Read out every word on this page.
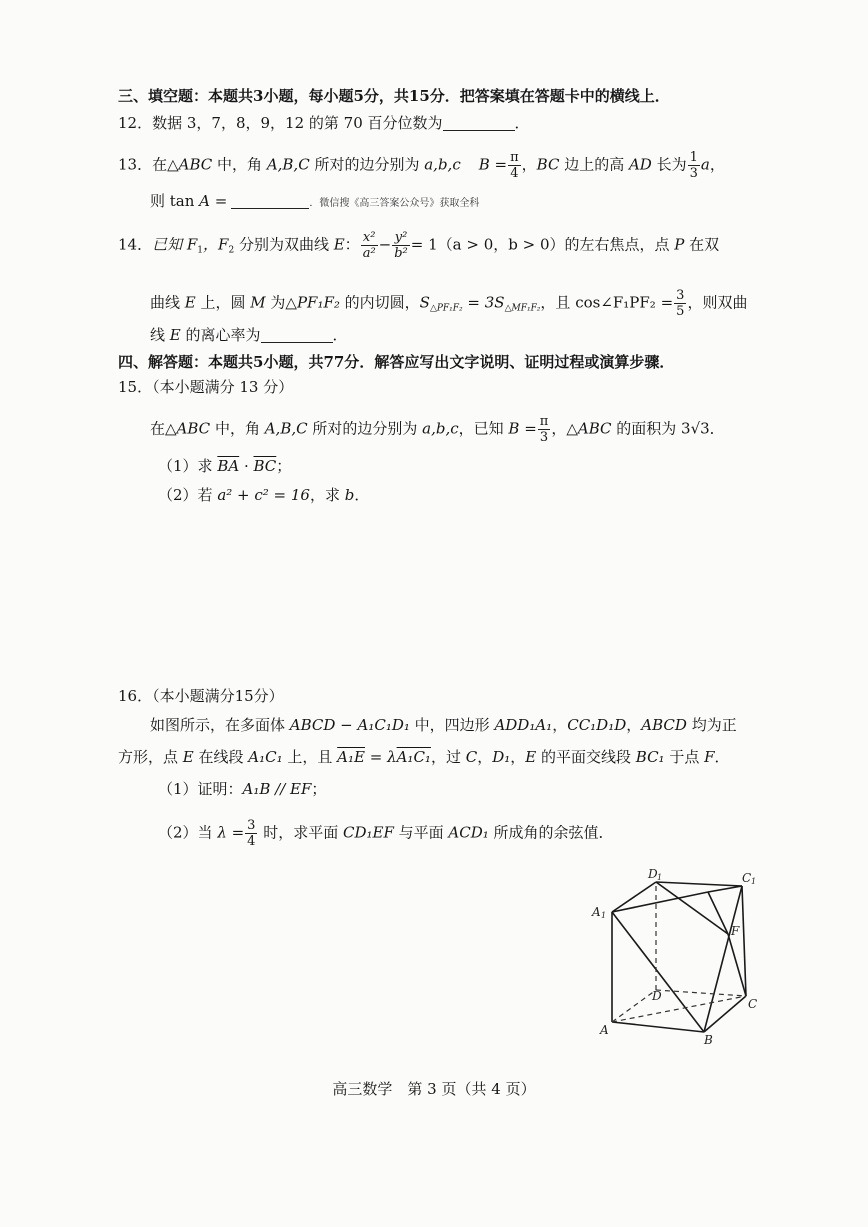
三、填空题：本题共3小题，每小题5分，共15分．把答案填在答题卡中的横线上．
12．数据 3，7，8，9，12 的第 70 百分位数为	．
13．在△ABC 中，角 A,B,C 所对的边分别为 a,b,c $B = \frac{\pi}{4}$ ，BC 边上的高 AD 长为 $\frac{1}{3}$ a，
则 tan A =	．微信搜《高三答案公众号》获取全科
14．已知 $F_1$，$F_2$ 分别为双曲线 E： $\frac{\text{x²}}{\text{a²}} - \frac{\text{y²}}{\text{b²}} = 1(a > 0$，b > 0）的左右焦点，点 P 在双
曲线 E 上，圆 M 为△PF₁F₂ 的内切圆，$S_{\triangle PF_1F_2} = 3S_{\triangle MF_1F_2}$，且 cos∠F₁PF₂ = $\frac{3}{5}$ ，则双曲
线 E 的离心率为	．
四、解答题：本题共5小题，共77分．解答应写出文字说明、证明过程或演算步骤．
15．（本小题满分 13 分）
在△ABC 中，角 A,B,C 所对的边分别为 a,b,c，已知 $B = \frac{\pi}{3}$ ，△ABC 的面积为 3√3．
（1）求 $\overline{BA} \cdot \overline{BC}$；
（2）若 a² + c² = 16，求 b．
16．（本小题满分15分）
如图所示，在多面体 ABCD − A₁C₁D₁ 中，四边形 ADD₁A₁，CC₁D₁D，ABCD 均为正
方形，点 E 在线段 A₁C₁ 上，且 A₁E = λA₁C₁，过 C，D₁，E 的平面交线段 BC₁ 于点 F．
（1）证明：A₁B // EF；
（2）当 $\lambda = \frac{3}{4}$ 时，求平面 CD₁EF 与平面 ACD₁ 所成角的余弦值．
D 1	C 1
A 1
F
D
A
B
C
高三数学　第 3 页（共 4 页）
